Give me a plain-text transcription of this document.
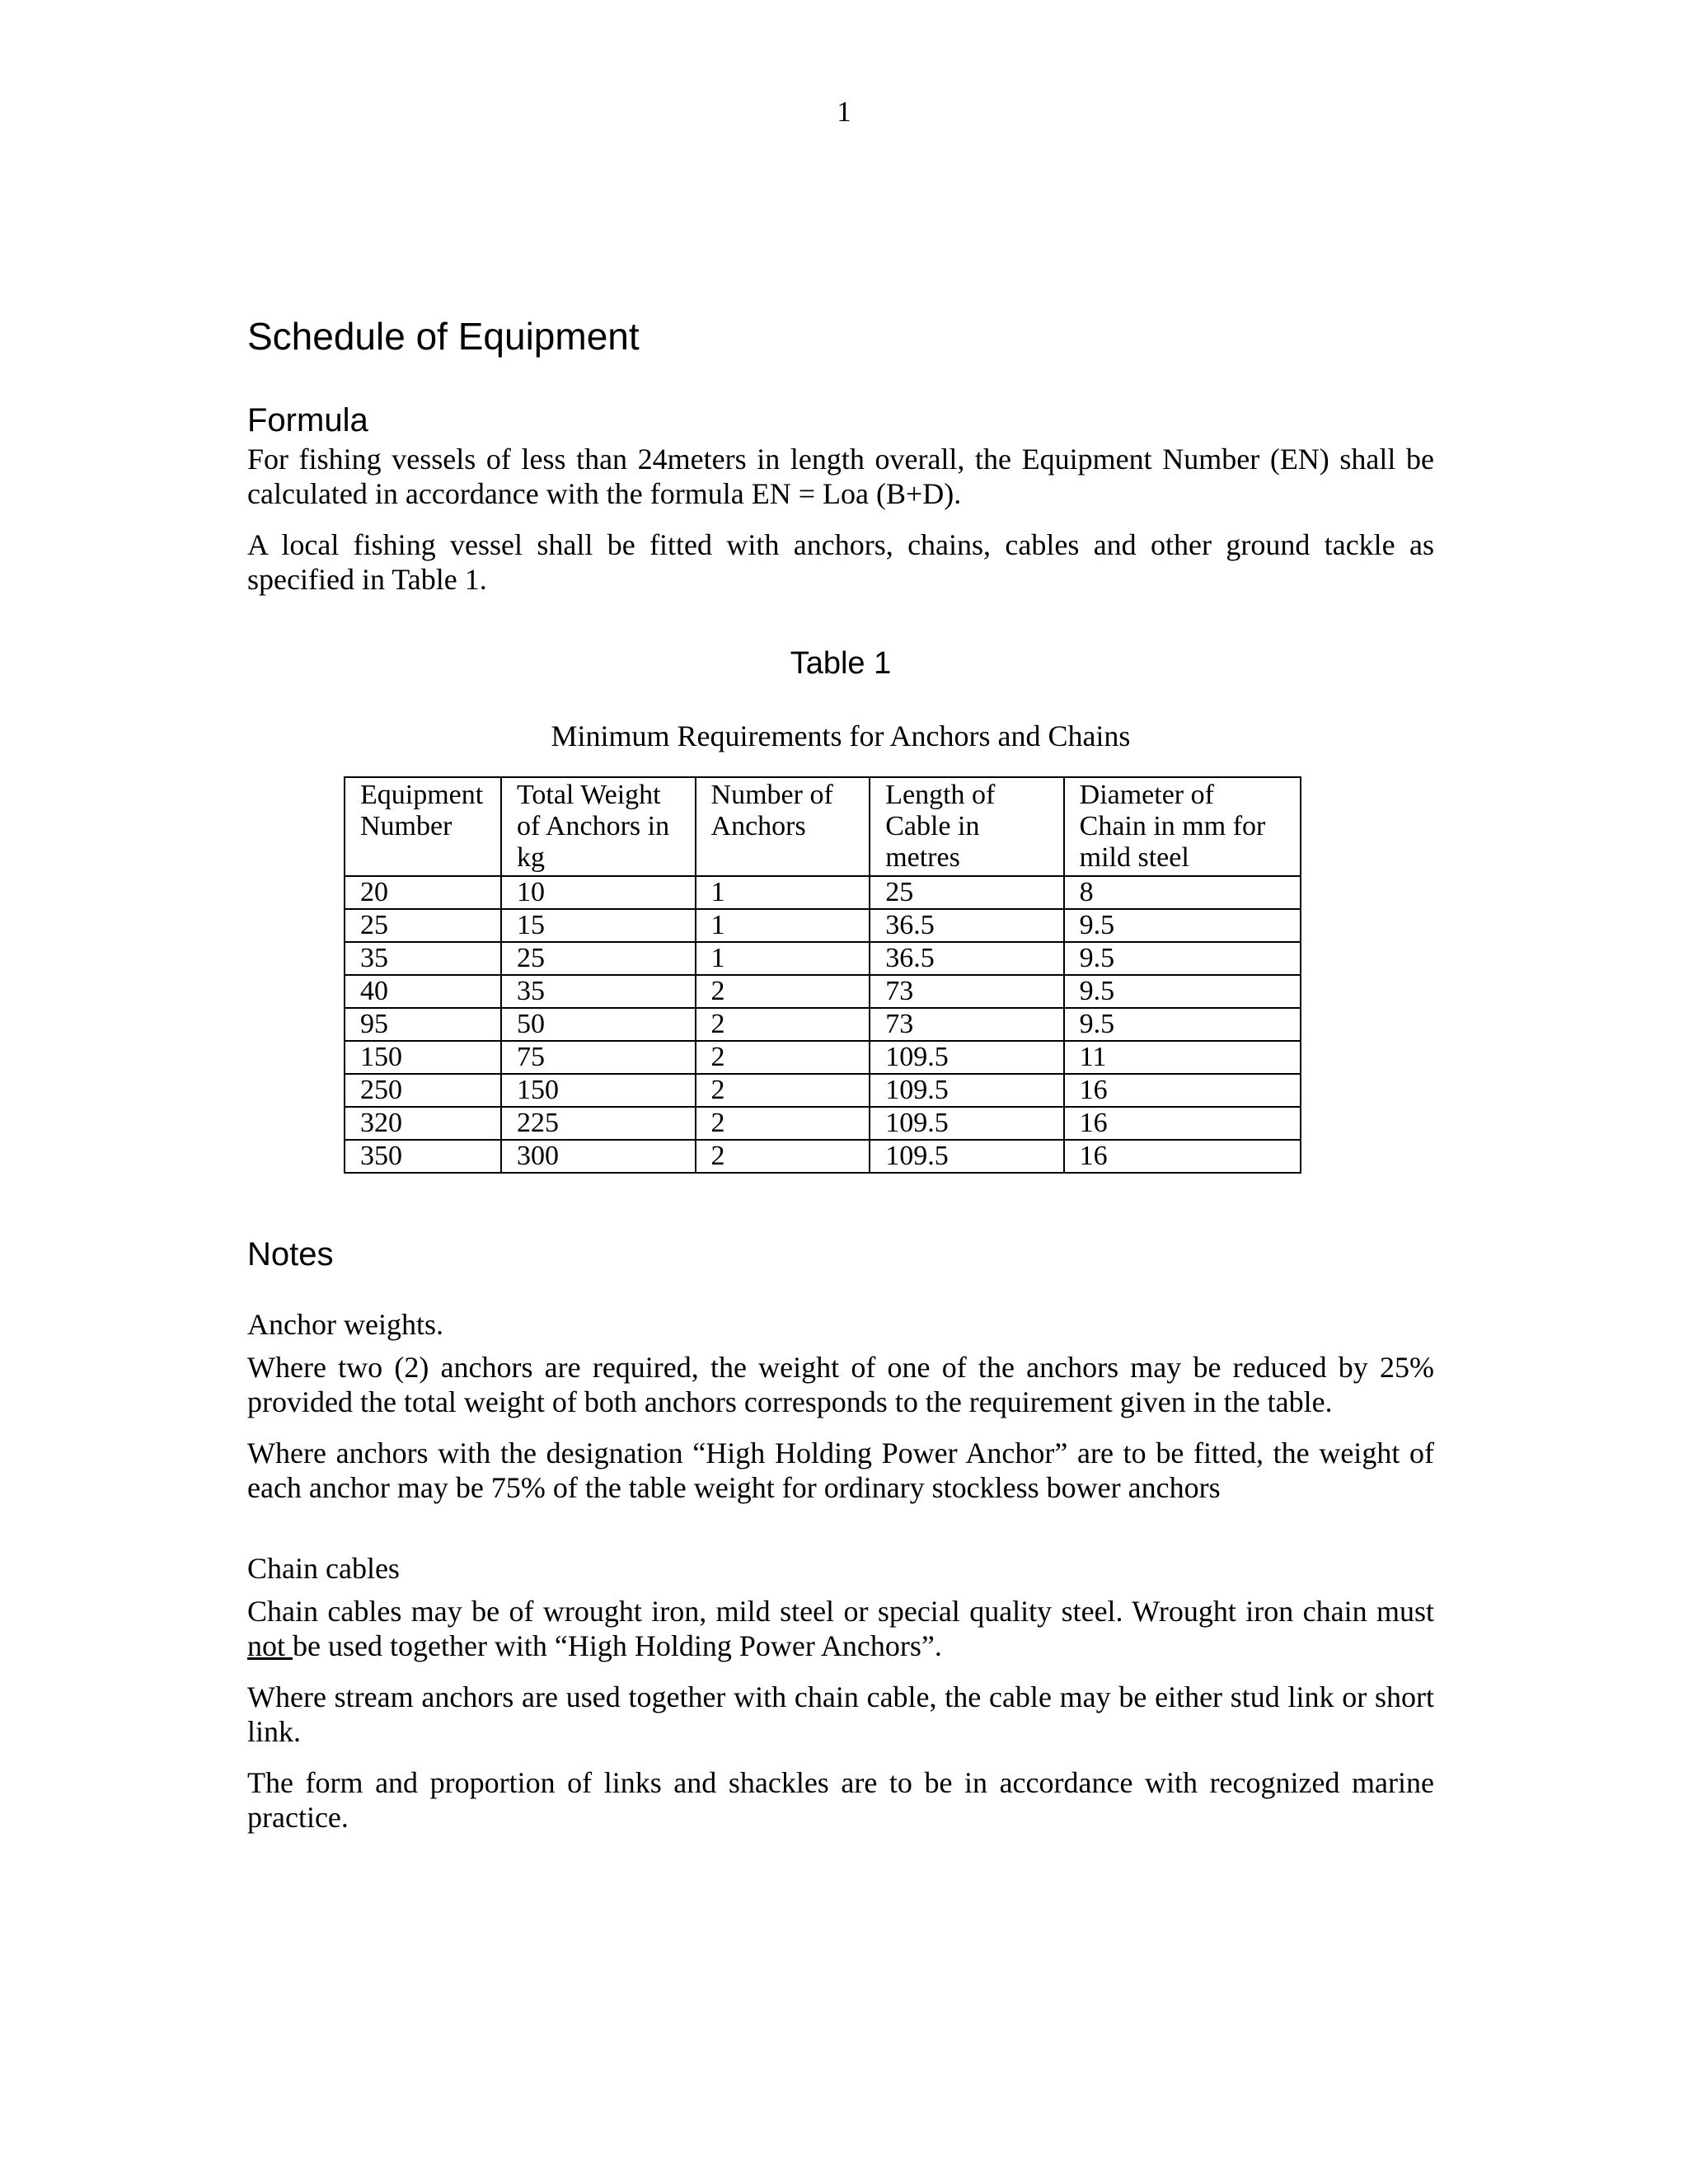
1
Schedule of Equipment
Formula

For fishing vessels of less than 24meters in length overall, the Equipment Number (EN) shall be calculated in accordance with the formula EN = Loa (B+D).

A local fishing vessel shall be fitted with anchors, chains, cables and other ground tackle as specified in Table 1.

Table 1
Minimum Requirements for Anchors and Chains
Equipment Number	Total Weight of Anchors in kg	Number of Anchors	Length of Cable in metres	Diameter of Chain in mm for mild steel
20	10	1	25	8
25	15	1	36.5	9.5
35	25	1	36.5	9.5
40	35	2	73	9.5
95	50	2	73	9.5
150	75	2	109.5	11
250	150	2	109.5	16
320	225	2	109.5	16
350	300	2	109.5	16
Notes
Anchor weights.

Where two (2) anchors are required, the weight of one of the anchors may be reduced by 25% provided the total weight of both anchors corresponds to the requirement given in the table.

Where anchors with the designation “High Holding Power Anchor” are to be fitted, the weight of each anchor may be 75% of the table weight for ordinary stockless bower anchors

Chain cables

Chain cables may be of wrought iron, mild steel or special quality steel. Wrought iron chain must not be used together with “High Holding Power Anchors”.

Where stream anchors are used together with chain cable, the cable may be either stud link or short link.

The form and proportion of links and shackles are to be in accordance with recognized marine practice.
